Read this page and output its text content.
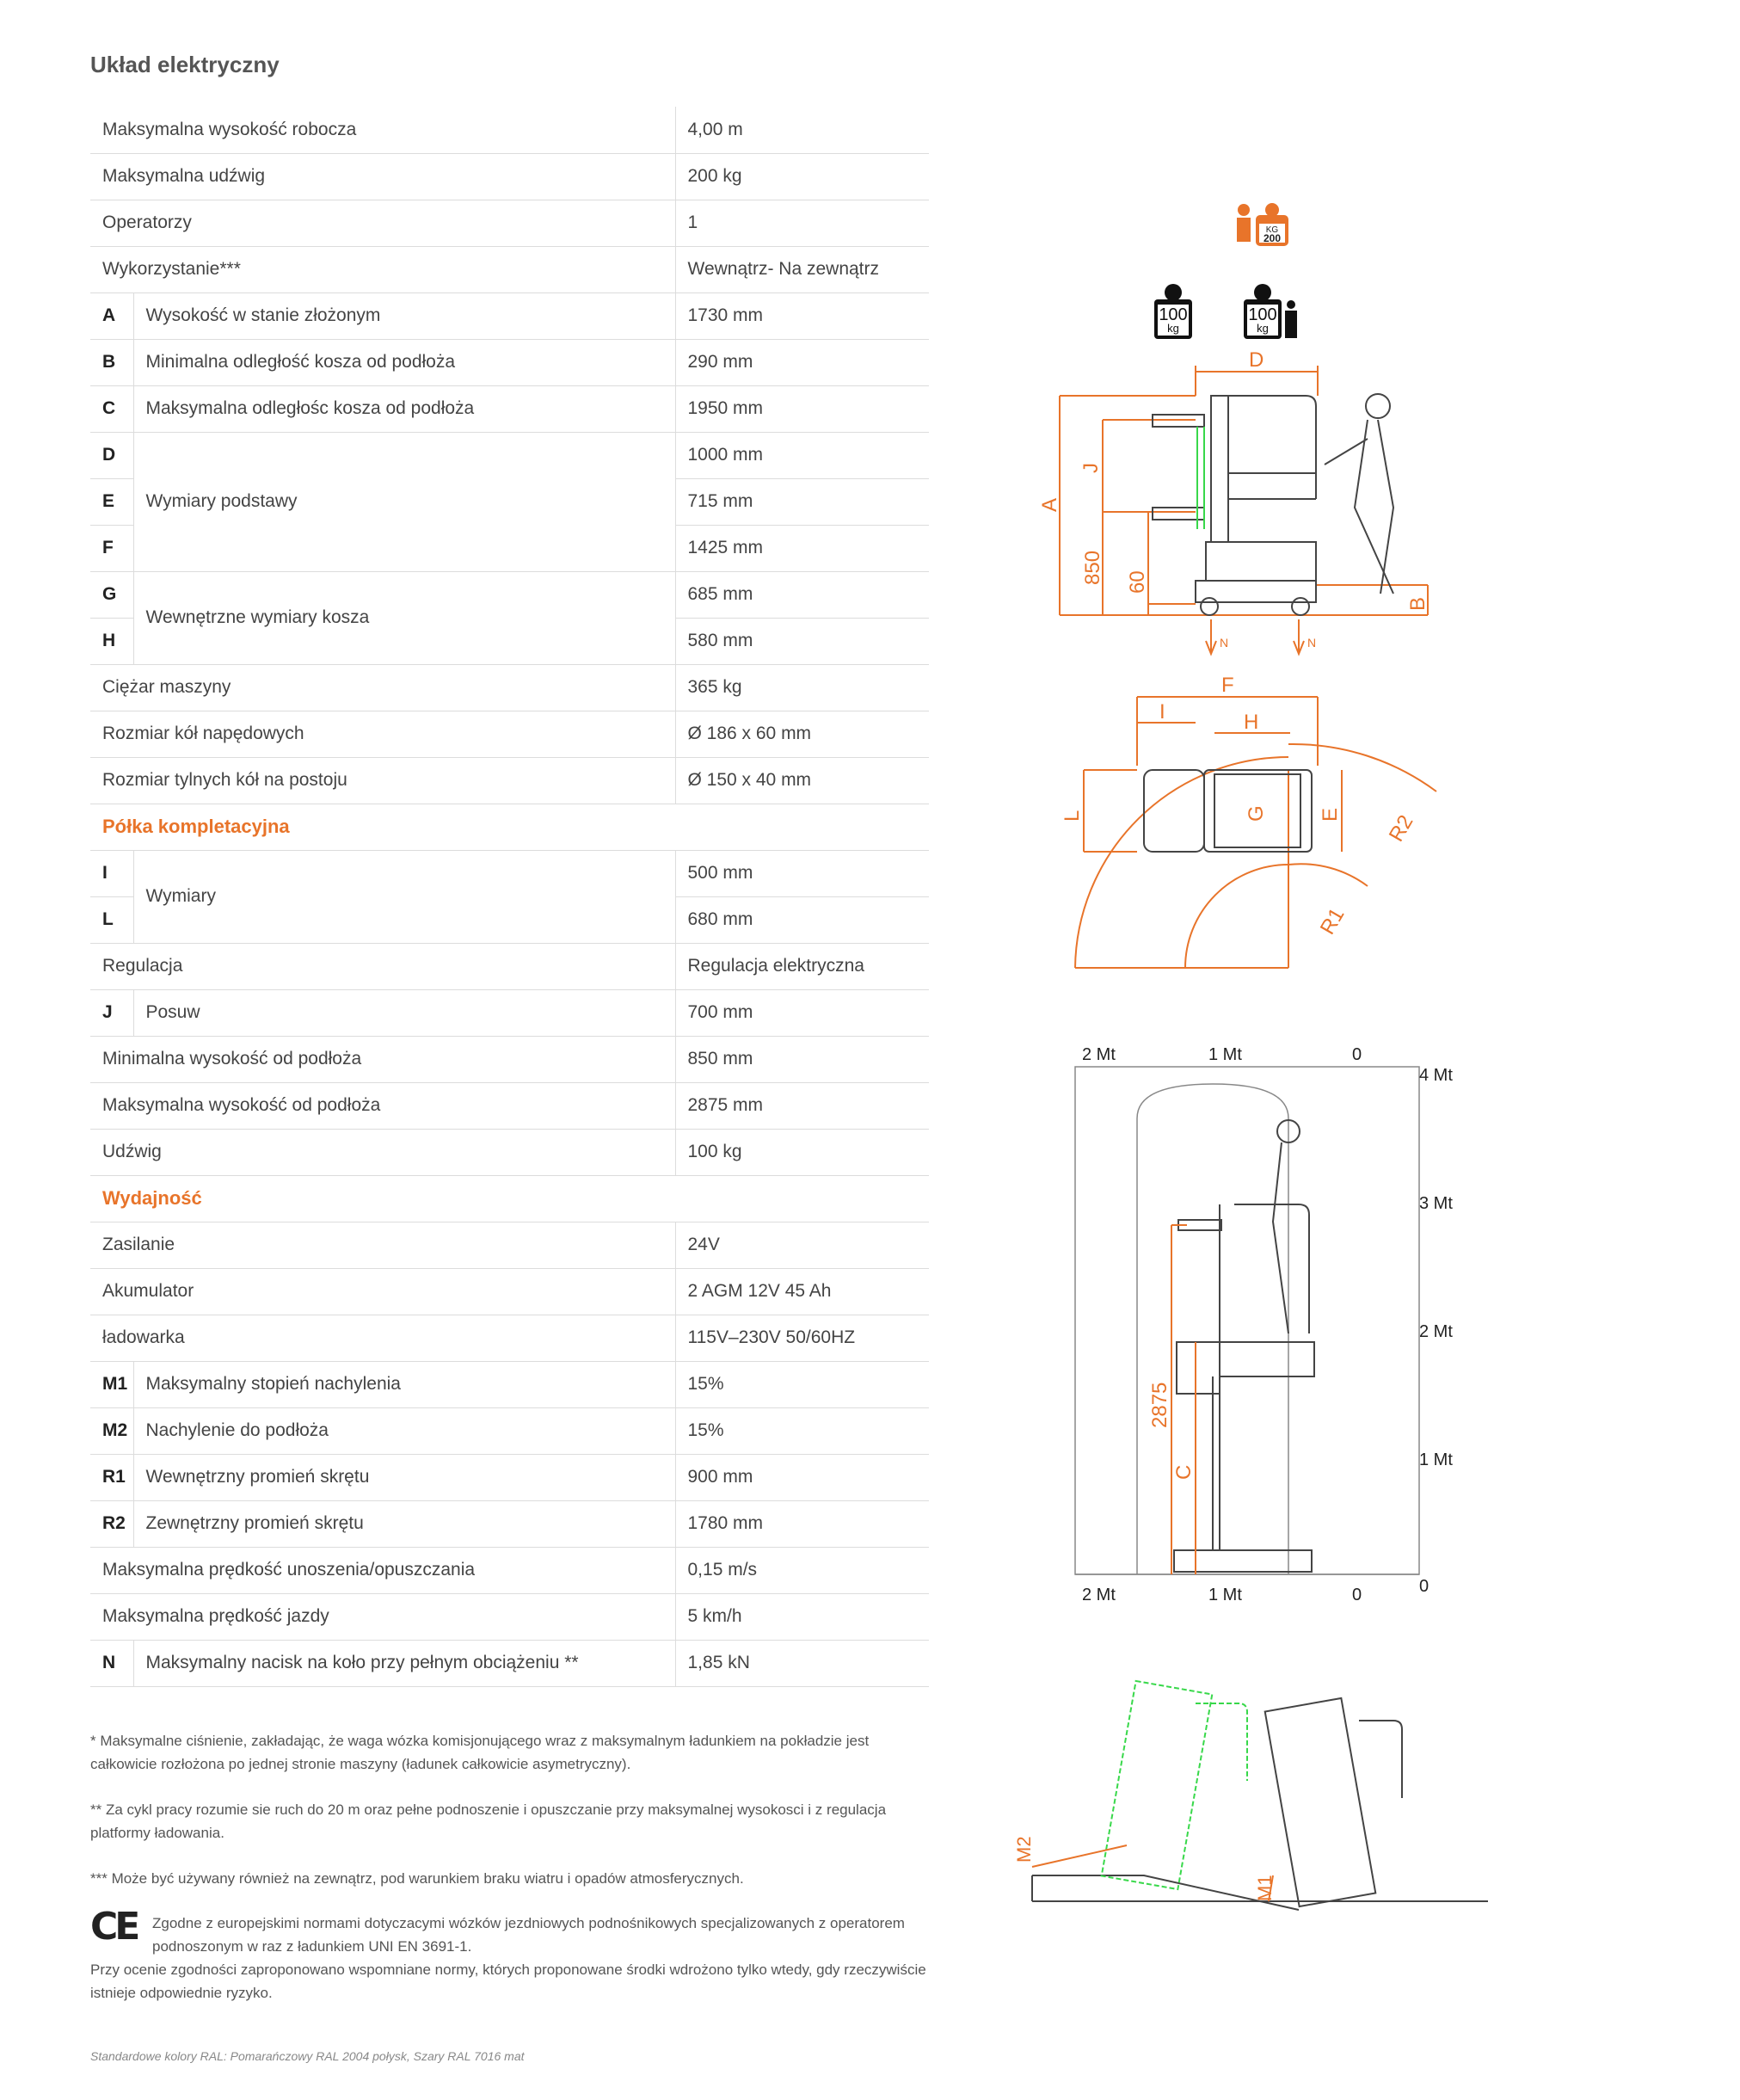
Układ elektryczny
Maksymalna wysokość robocza		4,00 m
Maksymalna udźwig		200 kg
Operatorzy		1
Wykorzystanie***		Wewnątrz- Na zewnątrz
A	Wysokość w stanie złożonym	1730 mm
B	Minimalna odległość kosza od podłoża	290 mm
C	Maksymalna odległośc kosza od podłoża	1950 mm
D	Wymiary podstawy	1000 mm
E		715 mm
F		1425 mm
G	Wewnętrzne wymiary kosza	685 mm
H		580 mm
Ciężar maszyny		365 kg
Rozmiar kół napędowych		Ø 186 x 60 mm
Rozmiar tylnych kół na postoju		Ø 150 x 40 mm
Półka kompletacyjna		
I	Wymiary	500 mm
L		680 mm
Regulacja		Regulacja elektryczna
J	Posuw	700 mm
Minimalna wysokość od podłoża		850 mm
Maksymalna wysokość od podłoża		2875 mm
Udźwig		100 kg
Wydajność		
Zasilanie		24V
Akumulator		2 AGM 12V 45 Ah
ładowarka		115V–230V 50/60HZ
M1	Maksymalny stopień nachylenia	15%
M2	Nachylenie do podłoża	15%
R1	Wewnętrzny promień skrętu	900 mm
R2	Zewnętrzny promień skrętu	1780 mm
Maksymalna prędkość unoszenia/opuszczania		0,15 m/s
Maksymalna prędkość jazdy		5 km/h
N	Maksymalny nacisk na koło przy pełnym obciążeniu **	1,85 kN

* Maksymalne ciśnienie, zakładając, że waga wózka komisjonującego wraz z maksymalnym ładunkiem na pokładzie jest całkowicie rozłożona po jednej stronie maszyny (ładunek całkowicie asymetryczny).

** Za cykl pracy rozumie sie ruch do 20 m oraz pełne podnoszenie i opuszczanie przy maksymalnej wysokosci i z regulacja platformy ładowania.

*** Może być używany również na zewnątrz, pod warunkiem braku wiatru i opadów atmosferycznych.

CE Zgodne z europejskimi normami dotyczacymi wózków jezdniowych podnośnikowych specjalizowanych z operatorem podnoszonym w raz z ładunkiem UNI EN 3691-1.
Przy ocenie zgodności zaproponowano wspomniane normy, których proponowane środki wdrożono tylko wtedy, gdy rzeczywiście istnieje odpowiednie ryzyko.
Standardowe kolory RAL: Pomarańczowy RAL 2004 połysk, Szary RAL 7016 mat
KG
200
100
kg
100
kg
D
J
A
850 60
B
N	N
F
I	H
L	G E R2
R1
2 Mt	1 Mt	0
2 Mt	1 Mt	0
4 Mt
3 Mt
2 Mt
1 Mt
0
2875
C
M2
M1
